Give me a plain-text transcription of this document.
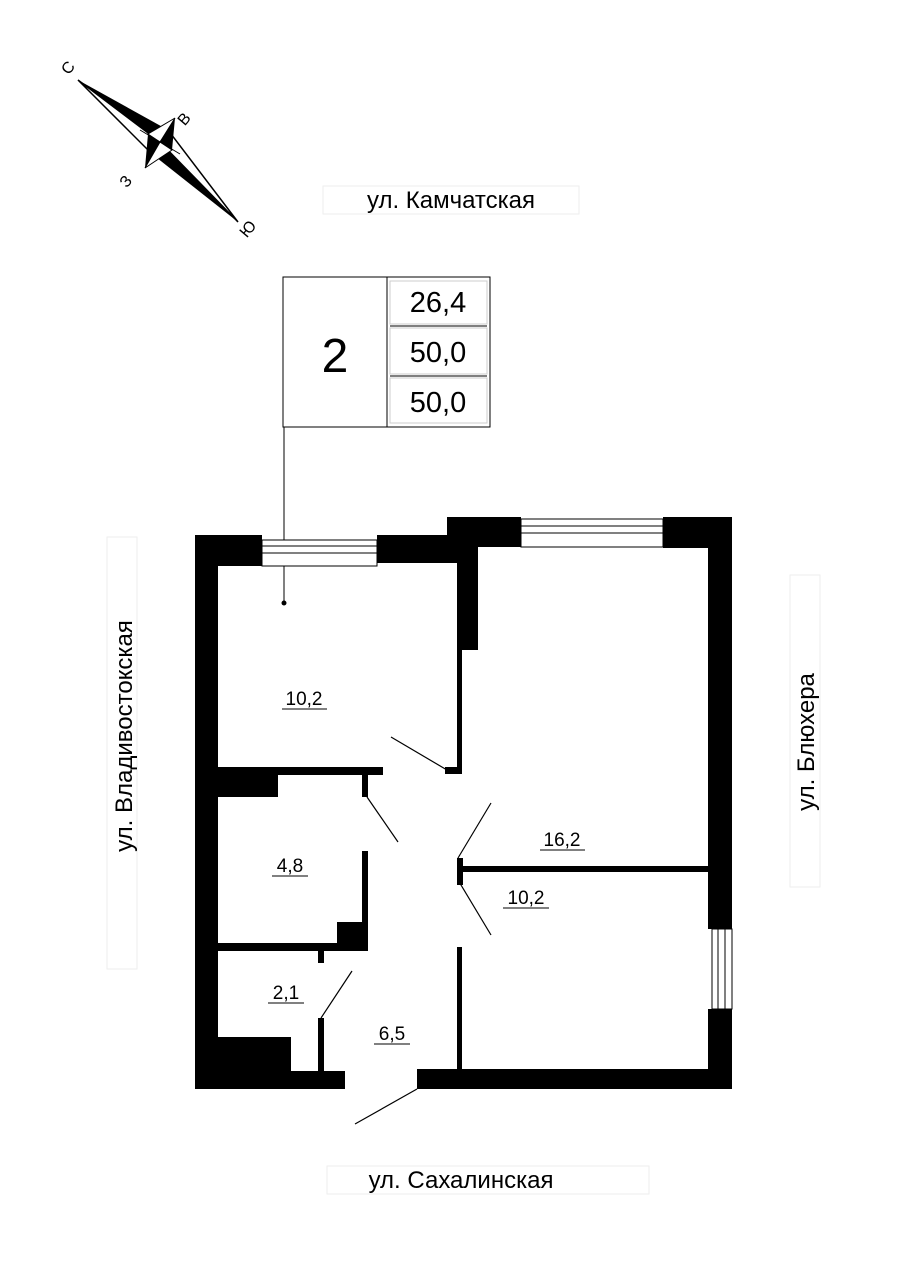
С
В
З
Ю
ул. Камчатская
ул. Сахалинская
ул. Владивостокская	ул. Блюхера
2
26,4
50,0
50,0
10,2
16,2
10,2
4,8
2,1
6,5
